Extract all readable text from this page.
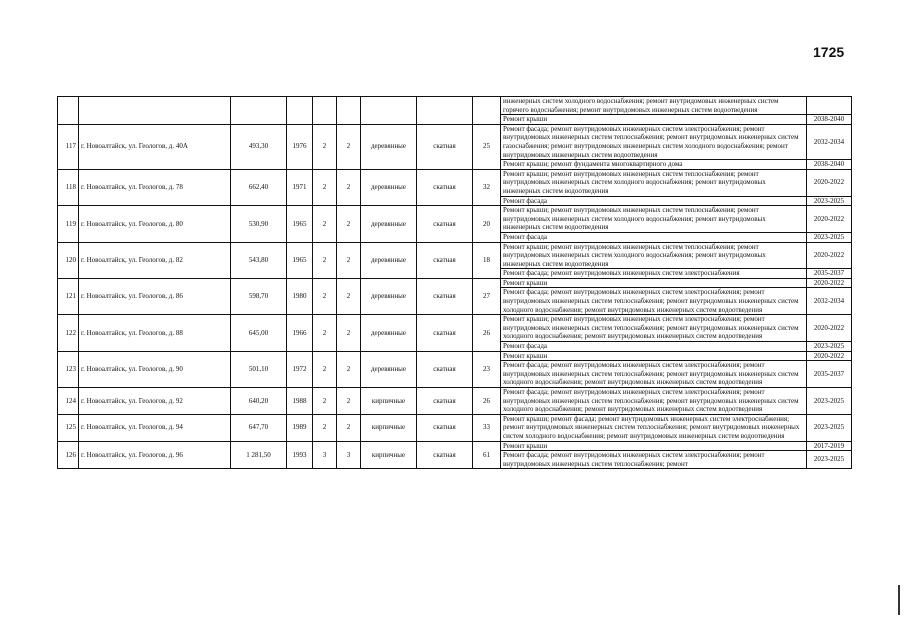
1725
									инженерных систем холодного водоснабжения; ремонт внутридомовых инженерных систем горячего водоснабжения; ремонт внутридомовых инженерных систем водоотведения	
									Ремонт крыши	2038-2040
117	г. Новоалтайск, ул. Геологов, д. 40А	493,30	1976	2	2	деревянные	скатная	25	Ремонт фасада; ремонт внутридомовых инженерных систем электроснабжения; ремонт внутридомовых инженерных систем теплоснабжения; ремонт внутридомовых инженерных систем газоснабжения; ремонт внутридомовых инженерных систем холодного водоснабжения; ремонт внутридомовых инженерных систем водоотведения	2032-2034
									Ремонт крыши; ремонт фундамента многоквартирного дома	2038-2040
118	г. Новоалтайск, ул. Геологов, д. 78	662,40	1971	2	2	деревянные	скатная	32	Ремонт крыши; ремонт внутридомовых инженерных систем теплоснабжения; ремонт внутридомовых инженерных систем холодного водоснабжения; ремонт внутридомовых инженерных систем водоотведения	2020-2022
									Ремонт фасада	2023-2025
119	г. Новоалтайск, ул. Геологов, д. 80	530,90	1965	2	2	деревянные	скатная	20	Ремонт крыши; ремонт внутридомовых инженерных систем теплоснабжения; ремонт внутридомовых инженерных систем холодного водоснабжения; ремонт внутридомовых инженерных систем водоотведения	2020-2022
									Ремонт фасада	2023-2025
120	г. Новоалтайск, ул. Геологов, д. 82	543,80	1965	2	2	деревянные	скатная	18	Ремонт крыши; ремонт внутридомовых инженерных систем теплоснабжения; ремонт внутридомовых инженерных систем холодного водоснабжения; ремонт внутридомовых инженерных систем водоотведения	2020-2022
									Ремонт фасада; ремонт внутридомовых инженерных систем электроснабжения	2035-2037
121	г. Новоалтайск, ул. Геологов, д. 86	598,70	1980	2	2	деревянные	скатная	27	Ремонт крыши	2020-2022
									Ремонт фасада; ремонт внутридомовых инженерных систем электроснабжения; ремонт внутридомовых инженерных систем теплоснабжения; ремонт внутридомовых инженерных систем холодного водоснабжения; ремонт внутридомовых инженерных систем водоотведения	2032-2034
122	г. Новоалтайск, ул. Геологов, д. 88	645,00	1966	2	2	деревянные	скатная	26	Ремонт крыши; ремонт внутридомовых инженерных систем электроснабжения; ремонт внутридомовых инженерных систем теплоснабжения; ремонт внутридомовых инженерных систем холодного водоснабжения; ремонт внутридомовых инженерных систем водоотведения	2020-2022
									Ремонт фасада	2023-2025
123	г. Новоалтайск, ул. Геологов, д. 90	501,10	1972	2	2	деревянные	скатная	23	Ремонт крыши	2020-2022
									Ремонт фасада; ремонт внутридомовых инженерных систем электроснабжения; ремонт внутридомовых инженерных систем теплоснабжения; ремонт внутридомовых инженерных систем холодного водоснабжения; ремонт внутридомовых инженерных систем водоотведения	2035-2037
124	г. Новоалтайск, ул. Геологов, д. 92	640,20	1988	2	2	кирпичные	скатная	26	Ремонт фасада; ремонт внутридомовых инженерных систем электроснабжения; ремонт внутридомовых инженерных систем теплоснабжения; ремонт внутридомовых инженерных систем холодного водоснабжения; ремонт внутридомовых инженерных систем водоотведения	2023-2025
125	г. Новоалтайск, ул. Геологов, д. 94	647,70	1989	2	2	кирпичные	скатная	33	Ремонт крыши; ремонт фасада; ремонт внутридомовых инженерных систем электроснабжения; ремонт внутридомовых инженерных систем теплоснабжения; ремонт внутридомовых инженерных систем холодного водоснабжения; ремонт внутридомовых инженерных систем водоотведения	2023-2025
126	г. Новоалтайск, ул. Геологов, д. 96	1 281,50	1993	3	3	кирпичные	скатная	61	Ремонт крыши	2017-2019
									Ремонт фасада; ремонт внутридомовых инженерных систем электроснабжения; ремонт внутридомовых инженерных систем теплоснабжения; ремонт	2023-2025
